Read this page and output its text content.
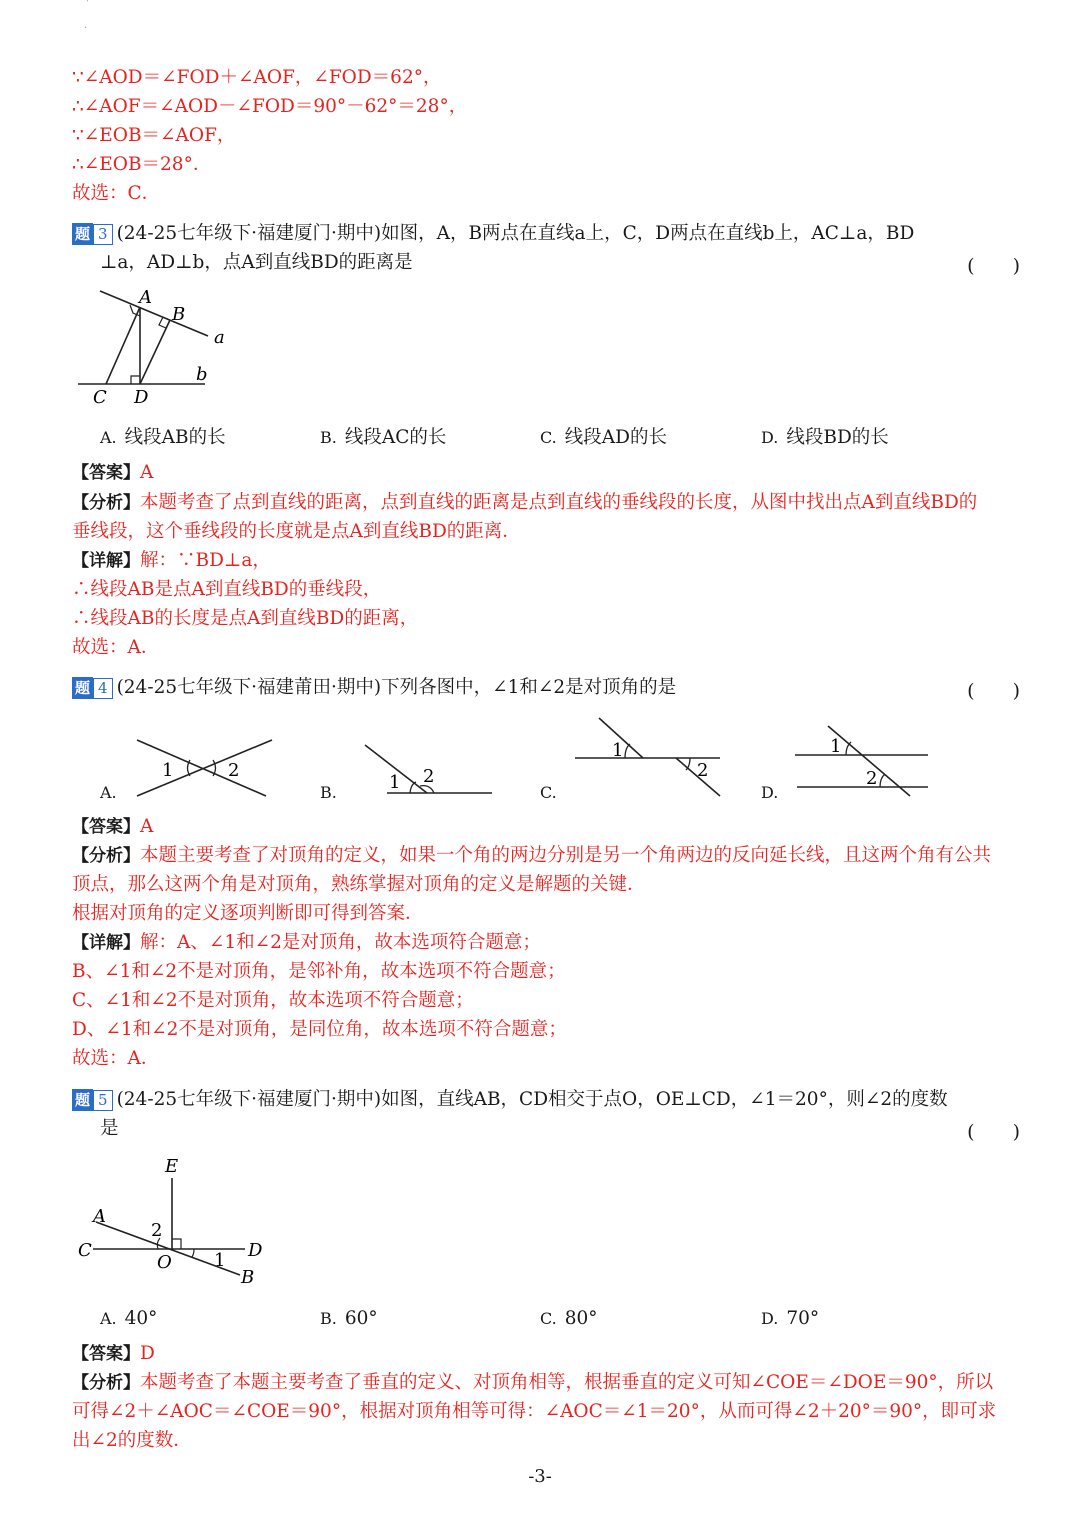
'
.
∵∠AOD＝∠FOD＋∠AOF，∠FOD＝62°，
∴∠AOF＝∠AOD－∠FOD＝90°－62°＝28°，
∵∠EOB＝∠AOF，
∴∠EOB＝28°．
故选：C．
题 3 (24-25七年级下·福建厦门·期中)如图，A，B两点在直线a上，C，D两点在直线b上，AC⊥a，BD
⊥a，AD⊥b，点A到直线BD的距离是	(　　)
A
B
a
b
C D
A. 线段AB的长	B. 线段AC的长	C. 线段AD的长	D. 线段BD的长
【答案】A
【分析】本题考查了点到直线的距离，点到直线的距离是点到直线的垂线段的长度，从图中找出点A到直线BD的
垂线段，这个垂线段的长度就是点A到直线BD的距离．
【详解】解：∵BD⊥a，
∴线段AB是点A到直线BD的垂线段，
∴线段AB的长度是点A到直线BD的距离，
故选：A．
题 4 (24-25七年级下·福建莆田·期中)下列各图中，∠1和∠2是对顶角的是	(　　)
1	2
1 2
1
2
1
2
A.	B.	C.	D.
【答案】A
【分析】本题主要考查了对顶角的定义，如果一个角的两边分别是另一个角两边的反向延长线，且这两个角有公共
顶点，那么这两个角是对顶角，熟练掌握对顶角的定义是解题的关键．
根据对顶角的定义逐项判断即可得到答案．
【详解】解：A、∠1和∠2是对顶角，故本选项符合题意；
B、∠1和∠2不是对顶角，是邻补角，故本选项不符合题意；
C、∠1和∠2不是对顶角，故本选项不符合题意；
D、∠1和∠2不是对顶角，是同位角，故本选项不符合题意；
故选：A．
题 5 (24-25七年级下·福建厦门·期中)如图，直线AB，CD相交于点O，OE⊥CD，∠1＝20°，则∠2的度数
是	(　　)
E
A
2
C	D
O 1
B
A. 40°	B. 60°	C. 80°	D. 70°
【答案】D
【分析】本题考查了本题主要考查了垂直的定义、对顶角相等，根据垂直的定义可知∠COE＝∠DOE＝90°，所以
可得∠2＋∠AOC＝∠COE＝90°，根据对顶角相等可得：∠AOC＝∠1＝20°，从而可得∠2＋20°＝90°，即可求
出∠2的度数．
-3-
